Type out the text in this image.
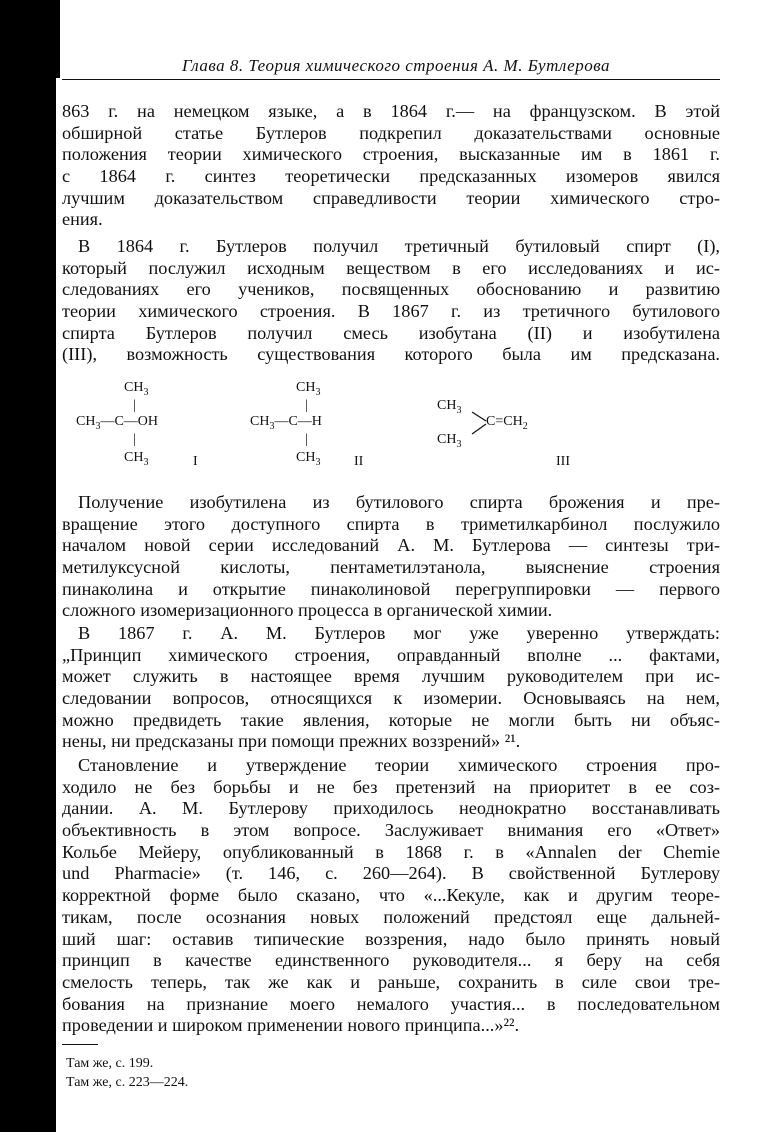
Глава 8. Теория химического строения А. М. Бутлерова
863 г. на немецком языке, а в 1864 г.— на французском. В этой
обширной статье Бутлеров подкрепил доказательствами основные
положения теории химического строения, высказанные им в 1861 г.
с 1864 г. синтез теоретически предсказанных изомеров явился
лучшим доказательством справедливости теории химического стро-
ения.
В 1864 г. Бутлеров получил третичный бутиловый спирт (I),
который послужил исходным веществом в его исследованиях и ис-
следованиях его учеников, посвященных обоснованию и развитию
теории химического строения. В 1867 г. из третичного бутилового
спирта Бутлеров получил смесь изобутана (II) и изобутилена
(III), возможность существования которого была им предсказана.
$CH_3$
|
$CH_3—C—OH$
|
$CH_3$	I
$CH_3$
|
$CH_3—C—H$
|
$CH_3$ II
$CH_3$
$CH_3$
$C=CH_2$
III
Получение изобутилена из бутилового спирта брожения и пре-
вращение этого доступного спирта в триметилкарбинол послужило
началом новой серии исследований А. М. Бутлерова — синтезы три-
метилуксусной кислоты, пентаметилэтанола, выяснение строения
пинаколина и открытие пинаколиновой перегруппировки — первого
сложного изомеризационного процесса в органической химии.
В 1867 г. А. М. Бутлеров мог уже уверенно утверждать:
„Принцип химического строения, оправданный вполне ... фактами,
может служить в настоящее время лучшим руководителем при ис-
следовании вопросов, относящихся к изомерии. Основываясь на нем,
можно предвидеть такие явления, которые не могли быть ни объяс-
нены, ни предсказаны при помощи прежних воззрений» ²¹.
Становление и утверждение теории химического строения про-
ходило не без борьбы и не без претензий на приоритет в ее соз-
дании. А. М. Бутлерову приходилось неоднократно восстанавливать
объективность в этом вопросе. Заслуживает внимания его «Ответ»
Кольбе Мейеру, опубликованный в 1868 г. в «Annalen der Chemie
und Pharmacie» (т. 146, с. 260—264). В свойственной Бутлерову
корректной форме было сказано, что «...Кекуле, как и другим теоре-
тикам, после осознания новых положений предстоял еще дальней-
ший шаг: оставив типические воззрения, надо было принять новый
принцип в качестве единственного руководителя... я беру на себя
смелость теперь, так же как и раньше, сохранить в силе свои тре-
бования на признание моего немалого участия... в последовательном
проведении и широком применении нового принципа...»²².
Там же, с. 199.
Там же, с. 223—224.
